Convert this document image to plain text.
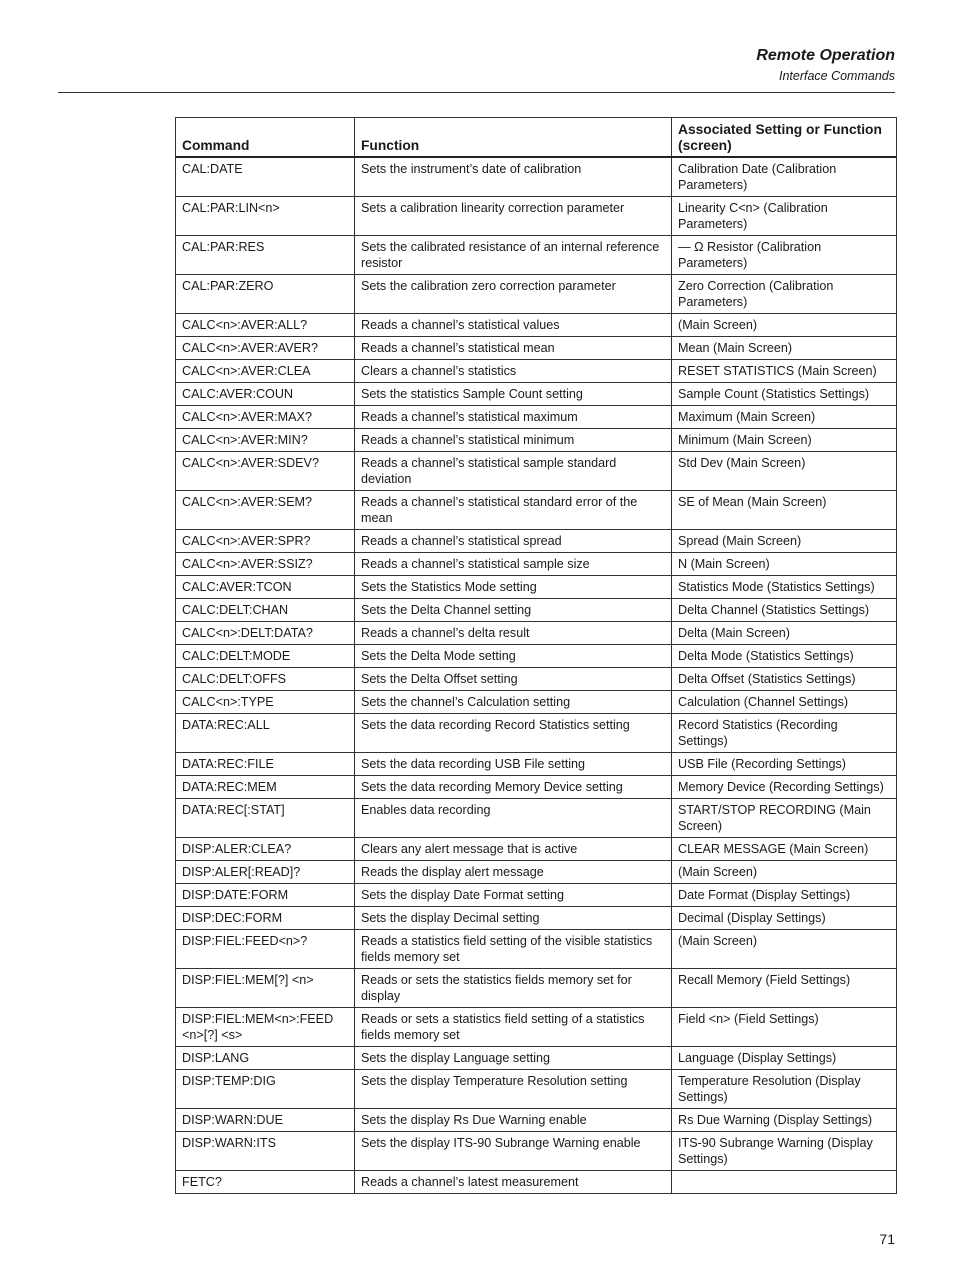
Remote Operation
Interface Commands
Command	Function	Associated Setting or Function (screen)
CAL:DATE	Sets the instrument’s date of calibration	Calibration Date (Calibration Parameters)
CAL:PAR:LIN<n>	Sets a calibration linearity correction parameter	Linearity C<n> (Calibration Parameters)
CAL:PAR:RES	Sets the calibrated resistance of an internal reference resistor	— Ω Resistor (Calibration Parameters)
CAL:PAR:ZERO	Sets the calibration zero correction parameter	Zero Correction (Calibration Parameters)
CALC<n>:AVER:ALL?	Reads a channel’s statistical values	(Main Screen)
CALC<n>:AVER:AVER?	Reads a channel’s statistical mean	Mean (Main Screen)
CALC<n>:AVER:CLEA	Clears a channel’s statistics	RESET STATISTICS (Main Screen)
CALC:AVER:COUN	Sets the statistics Sample Count setting	Sample Count (Statistics Settings)
CALC<n>:AVER:MAX?	Reads a channel’s statistical maximum	Maximum (Main Screen)
CALC<n>:AVER:MIN?	Reads a channel’s statistical minimum	Minimum (Main Screen)
CALC<n>:AVER:SDEV?	Reads a channel’s statistical sample standard deviation	Std Dev (Main Screen)
CALC<n>:AVER:SEM?	Reads a channel’s statistical standard error of the mean	SE of Mean (Main Screen)
CALC<n>:AVER:SPR?	Reads a channel’s statistical spread	Spread (Main Screen)
CALC<n>:AVER:SSIZ?	Reads a channel’s statistical sample size	N (Main Screen)
CALC:AVER:TCON	Sets the Statistics Mode setting	Statistics Mode (Statistics Settings)
CALC:DELT:CHAN	Sets the Delta Channel setting	Delta Channel (Statistics Settings)
CALC<n>:DELT:DATA?	Reads a channel’s delta result	Delta (Main Screen)
CALC:DELT:MODE	Sets the Delta Mode setting	Delta Mode (Statistics Settings)
CALC:DELT:OFFS	Sets the Delta Offset setting	Delta Offset (Statistics Settings)
CALC<n>:TYPE	Sets the channel’s Calculation setting	Calculation (Channel Settings)
DATA:REC:ALL	Sets the data recording Record Statistics setting	Record Statistics (Recording Settings)
DATA:REC:FILE	Sets the data recording USB File setting	USB File (Recording Settings)
DATA:REC:MEM	Sets the data recording Memory Device setting	Memory Device (Recording Settings)
DATA:REC[:STAT]	Enables data recording	START/STOP RECORDING (Main Screen)
DISP:ALER:CLEA?	Clears any alert message that is active	CLEAR MESSAGE (Main Screen)
DISP:ALER[:READ]?	Reads the display alert message	(Main Screen)
DISP:DATE:FORM	Sets the display Date Format setting	Date Format (Display Settings)
DISP:DEC:FORM	Sets the display Decimal setting	Decimal (Display Settings)
DISP:FIEL:FEED<n>?	Reads a statistics field setting of the visible statistics fields memory set	(Main Screen)
DISP:FIEL:MEM[?] <n>	Reads or sets the statistics fields memory set for display	Recall Memory (Field Settings)
DISP:FIEL:MEM<n>:FEED <n>[?] <s>	Reads or sets a statistics field setting of a statistics fields memory set	Field <n> (Field Settings)
DISP:LANG	Sets the display Language setting	Language (Display Settings)
DISP:TEMP:DIG	Sets the display Temperature Resolution setting	Temperature Resolution (Display Settings)
DISP:WARN:DUE	Sets the display Rs Due Warning enable	Rs Due Warning (Display Settings)
DISP:WARN:ITS	Sets the display ITS-90 Subrange Warning enable	ITS-90 Subrange Warning (Display Settings)
FETC?	Reads a channel’s latest measurement	
71
